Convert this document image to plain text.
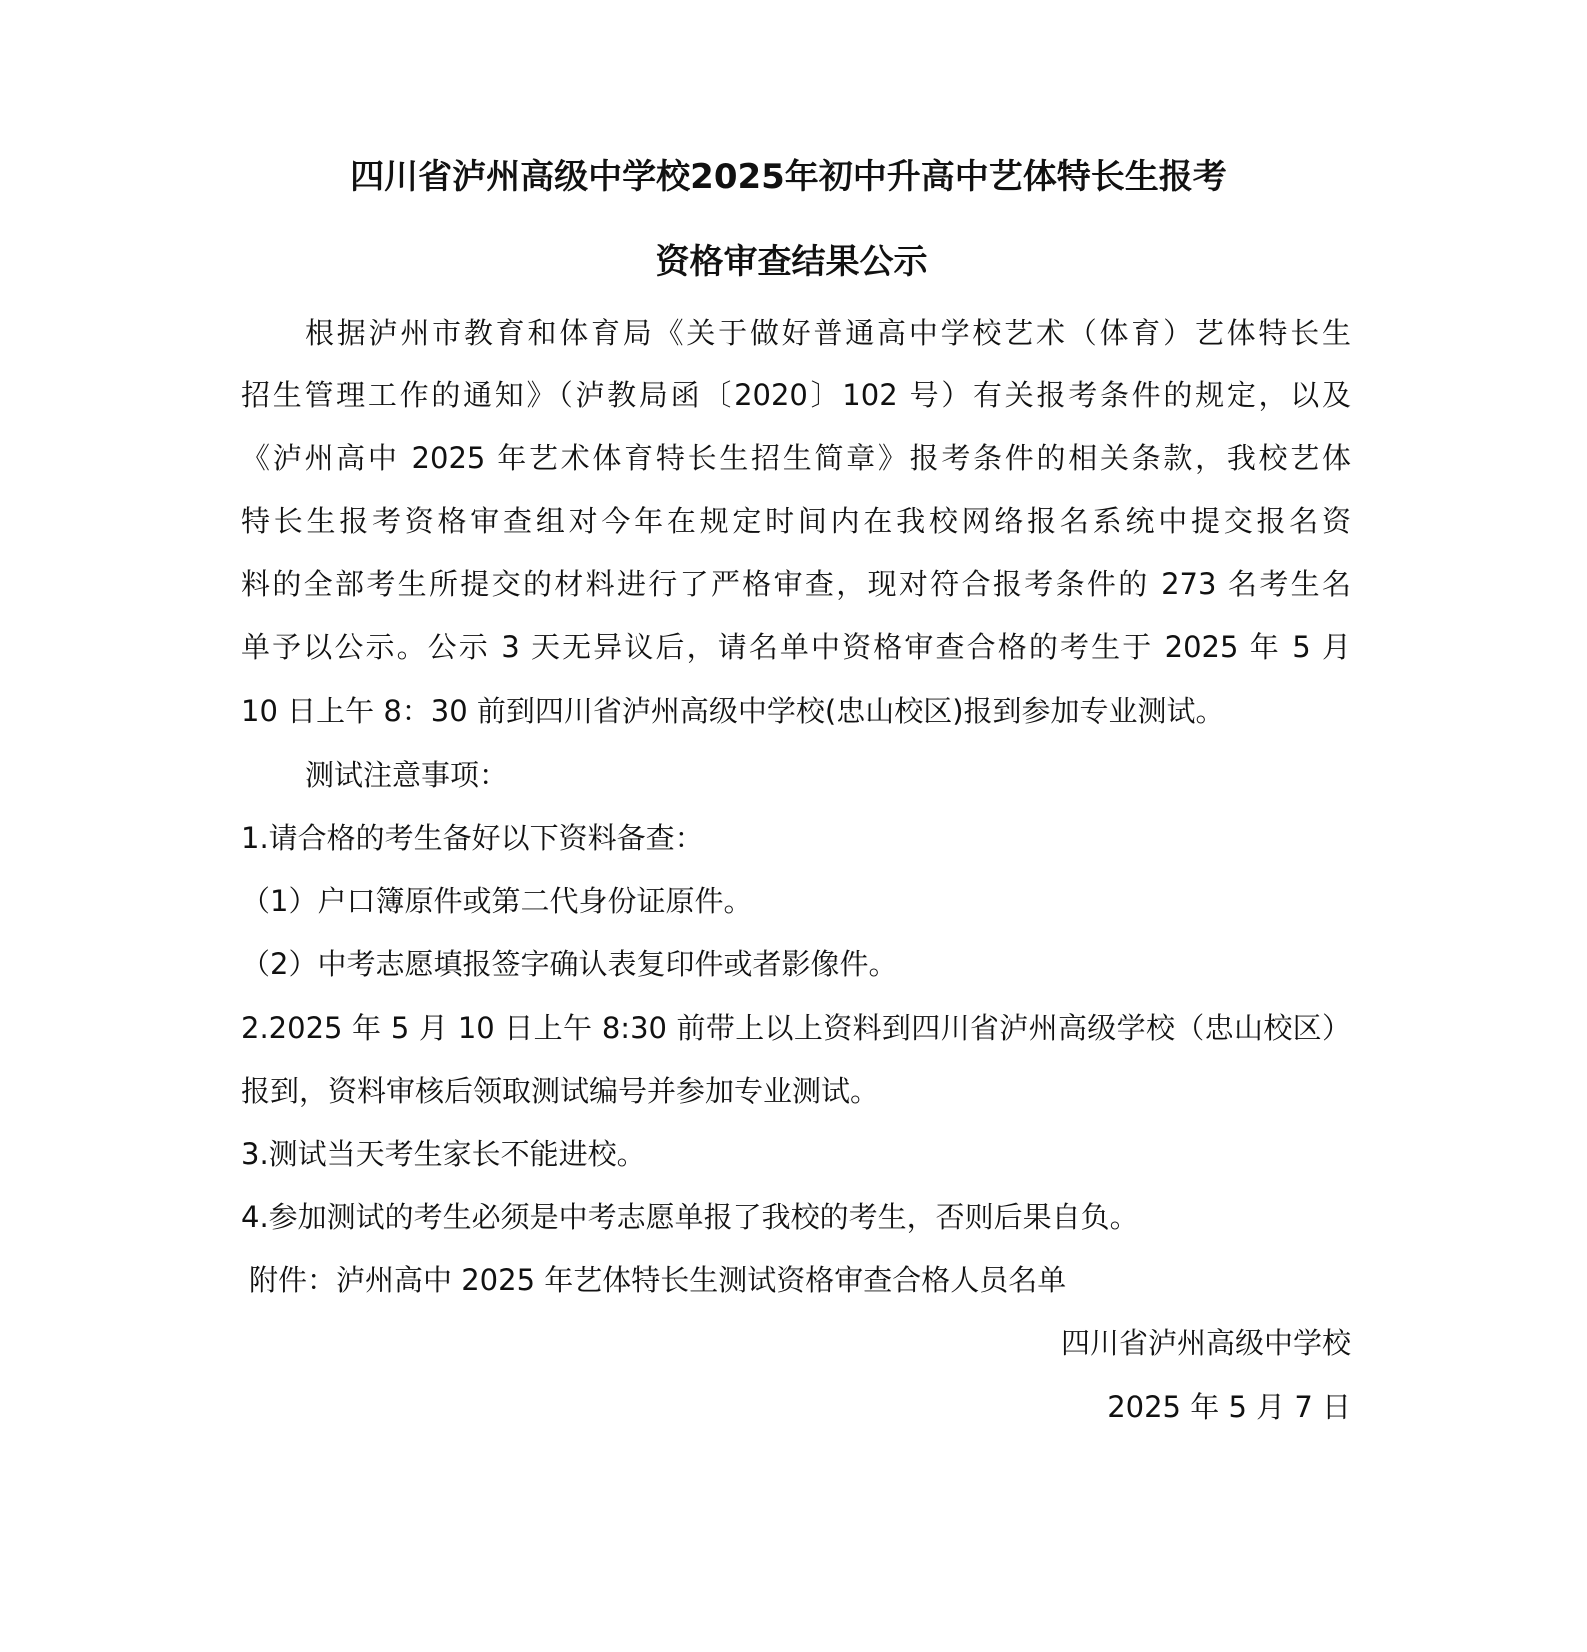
四川省泸州高级中学校2025年初中升高中艺体特长生报考
资格审查结果公示
根据泸州市教育和体育局《关于做好普通高中学校艺术（体育）艺体特长生
招生管理工作的通知》（泸教局函〔2020〕102 号）有关报考条件的规定，以及
《泸州高中 2025 年艺术体育特长生招生简章》报考条件的相关条款，我校艺体
特长生报考资格审查组对今年在规定时间内在我校网络报名系统中提交报名资
料的全部考生所提交的材料进行了严格审查，现对符合报考条件的 273 名考生名
单予以公示。公示 3 天无异议后，请名单中资格审查合格的考生于 2025 年 5 月
10 日上午 8：30 前到四川省泸州高级中学校(忠山校区)报到参加专业测试。
测试注意事项：
1.请合格的考生备好以下资料备查：
（1）户口簿原件或第二代身份证原件。
（2）中考志愿填报签字确认表复印件或者影像件。
2.2025 年 5 月 10 日上午 8:30 前带上以上资料到四川省泸州高级学校（忠山校区）
报到，资料审核后领取测试编号并参加专业测试。
3.测试当天考生家长不能进校。
4.参加测试的考生必须是中考志愿单报了我校的考生，否则后果自负。
附件：泸州高中 2025 年艺体特长生测试资格审查合格人员名单
四川省泸州高级中学校
2025 年 5 月 7 日
